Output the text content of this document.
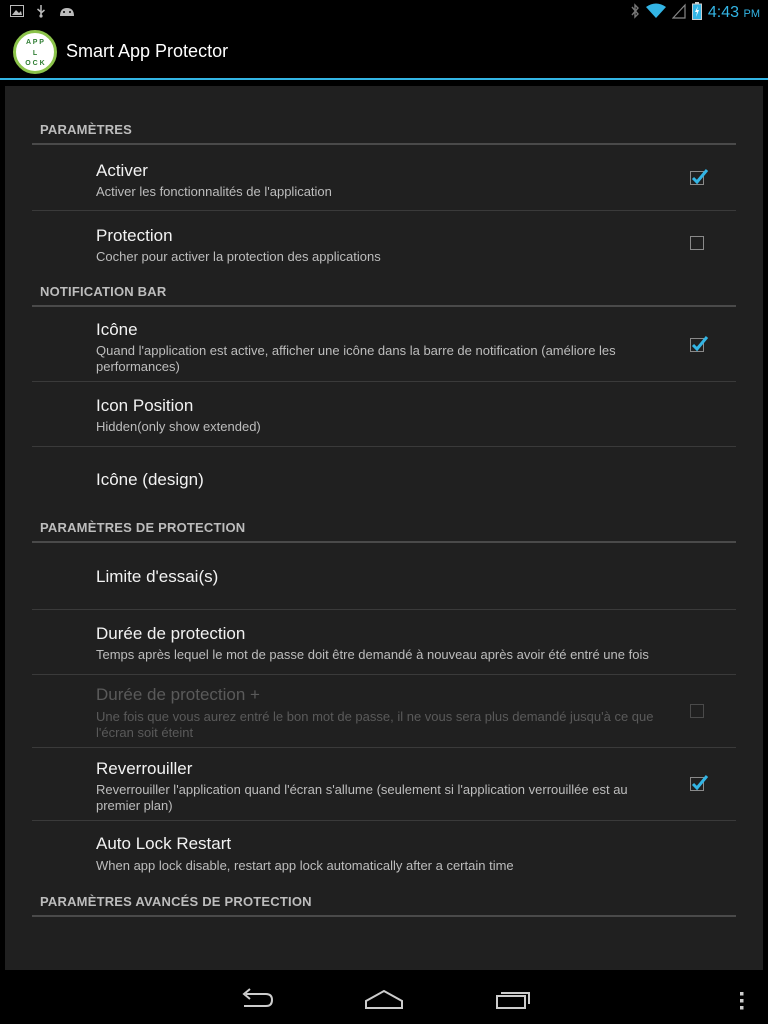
4:43 PM
A P P
L
O C K
Smart App Protector
PARAMÈTRES
Activer
Activer les fonctionnalités de l'application
Protection
Cocher pour activer la protection des applications
NOTIFICATION BAR
Icône
Quand l'application est active, afficher une icône dans la barre de notification (améliore les performances)
Icon Position
Hidden(only show extended)
Icône (design)
PARAMÈTRES DE PROTECTION
Limite d'essai(s)
Durée de protection
Temps après lequel le mot de passe doit être demandé à nouveau après avoir été entré une fois
Durée de protection +
Une fois que vous aurez entré le bon mot de passe, il ne vous sera plus demandé jusqu'à ce que l'écran soit éteint
Reverrouiller
Reverrouiller l'application quand l'écran s'allume (seulement si l'application verrouillée est au premier plan)
Auto Lock Restart
When app lock disable, restart app lock automatically after a certain time
PARAMÈTRES AVANCÉS DE PROTECTION
